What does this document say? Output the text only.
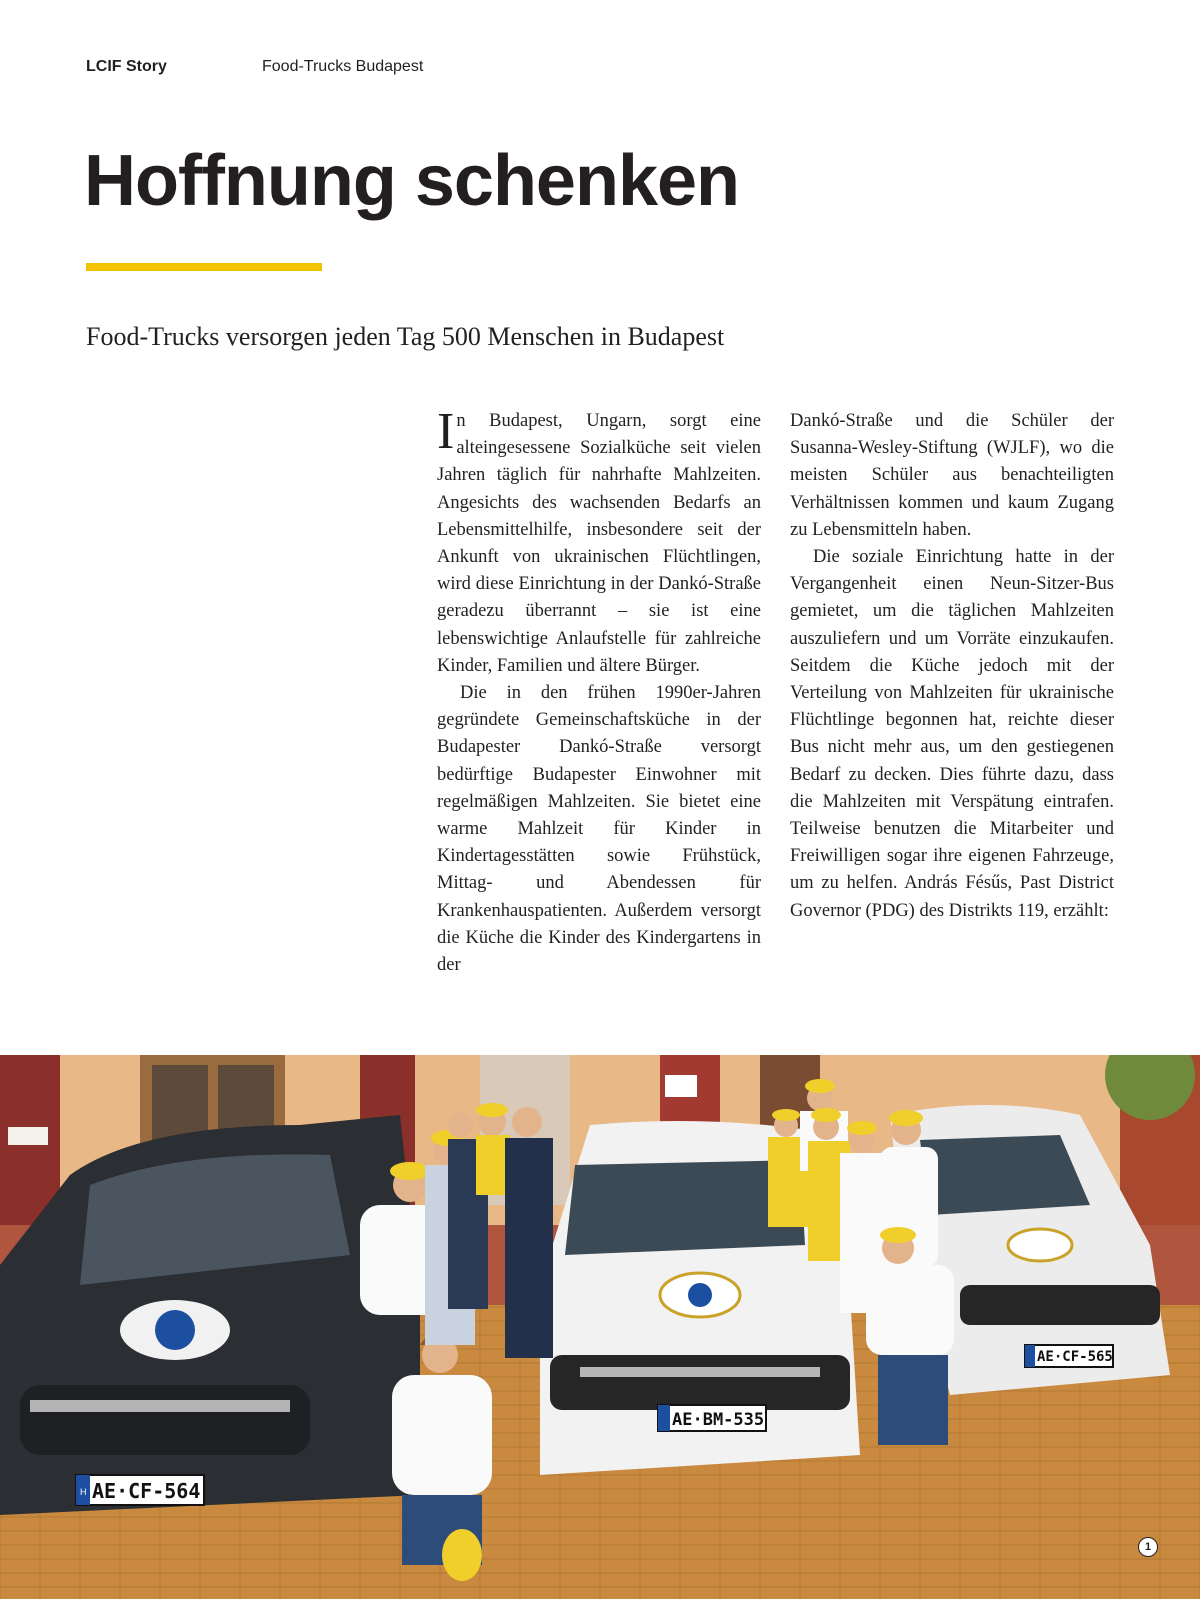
LCIF Story	Food-Trucks Budapest
Hoffnung schenken
Food-Trucks versorgen jeden Tag 500 Menschen in Budapest

In Budapest, Ungarn, sorgt eine alteingesessene Sozialküche seit vielen Jahren täglich für nahrhafte Mahlzeiten. Angesichts des wachsenden Bedarfs an Lebensmittelhilfe, insbesondere seit der Ankunft von ukrainischen Flüchtlingen, wird diese Einrichtung in der Dankó-Straße geradezu überrannt – sie ist eine lebenswichtige Anlaufstelle für zahlreiche Kinder, Familien und ältere Bürger.

Die in den frühen 1990er-Jahren gegründete Gemeinschaftsküche in der Budapester Dankó-Straße versorgt bedürftige Budapester Einwohner mit regelmäßigen Mahlzeiten. Sie bietet eine warme Mahlzeit für Kinder in Kindertagesstätten sowie Frühstück, Mittag- und Abendessen für Krankenhauspatienten. Außerdem versorgt die Küche die Kinder des Kindergartens in der

Dankó-Straße und die Schüler der Susanna-Wesley-Stiftung (WJLF), wo die meisten Schüler aus benachteiligten Verhältnissen kommen und kaum Zugang zu Lebensmitteln haben.

Die soziale Einrichtung hatte in der Vergangenheit einen Neun-Sitzer-Bus gemietet, um die täglichen Mahlzeiten auszuliefern und um Vorräte einzukaufen. Seitdem die Küche jedoch mit der Verteilung von Mahlzeiten für ukrainische Flüchtlinge begonnen hat, reichte dieser Bus nicht mehr aus, um den gestiegenen Bedarf zu decken. Dies führte dazu, dass die Mahlzeiten mit Verspätung eintrafen. Teilweise benutzen die Mitarbeiter und Freiwilligen sogar ihre eigenen Fahrzeuge, um zu helfen. András Fésűs, Past District Governor (PDG) des Distrikts 119, erzählt:

H AE·CF-564
AE·BM-535
AE·CF-565
1
